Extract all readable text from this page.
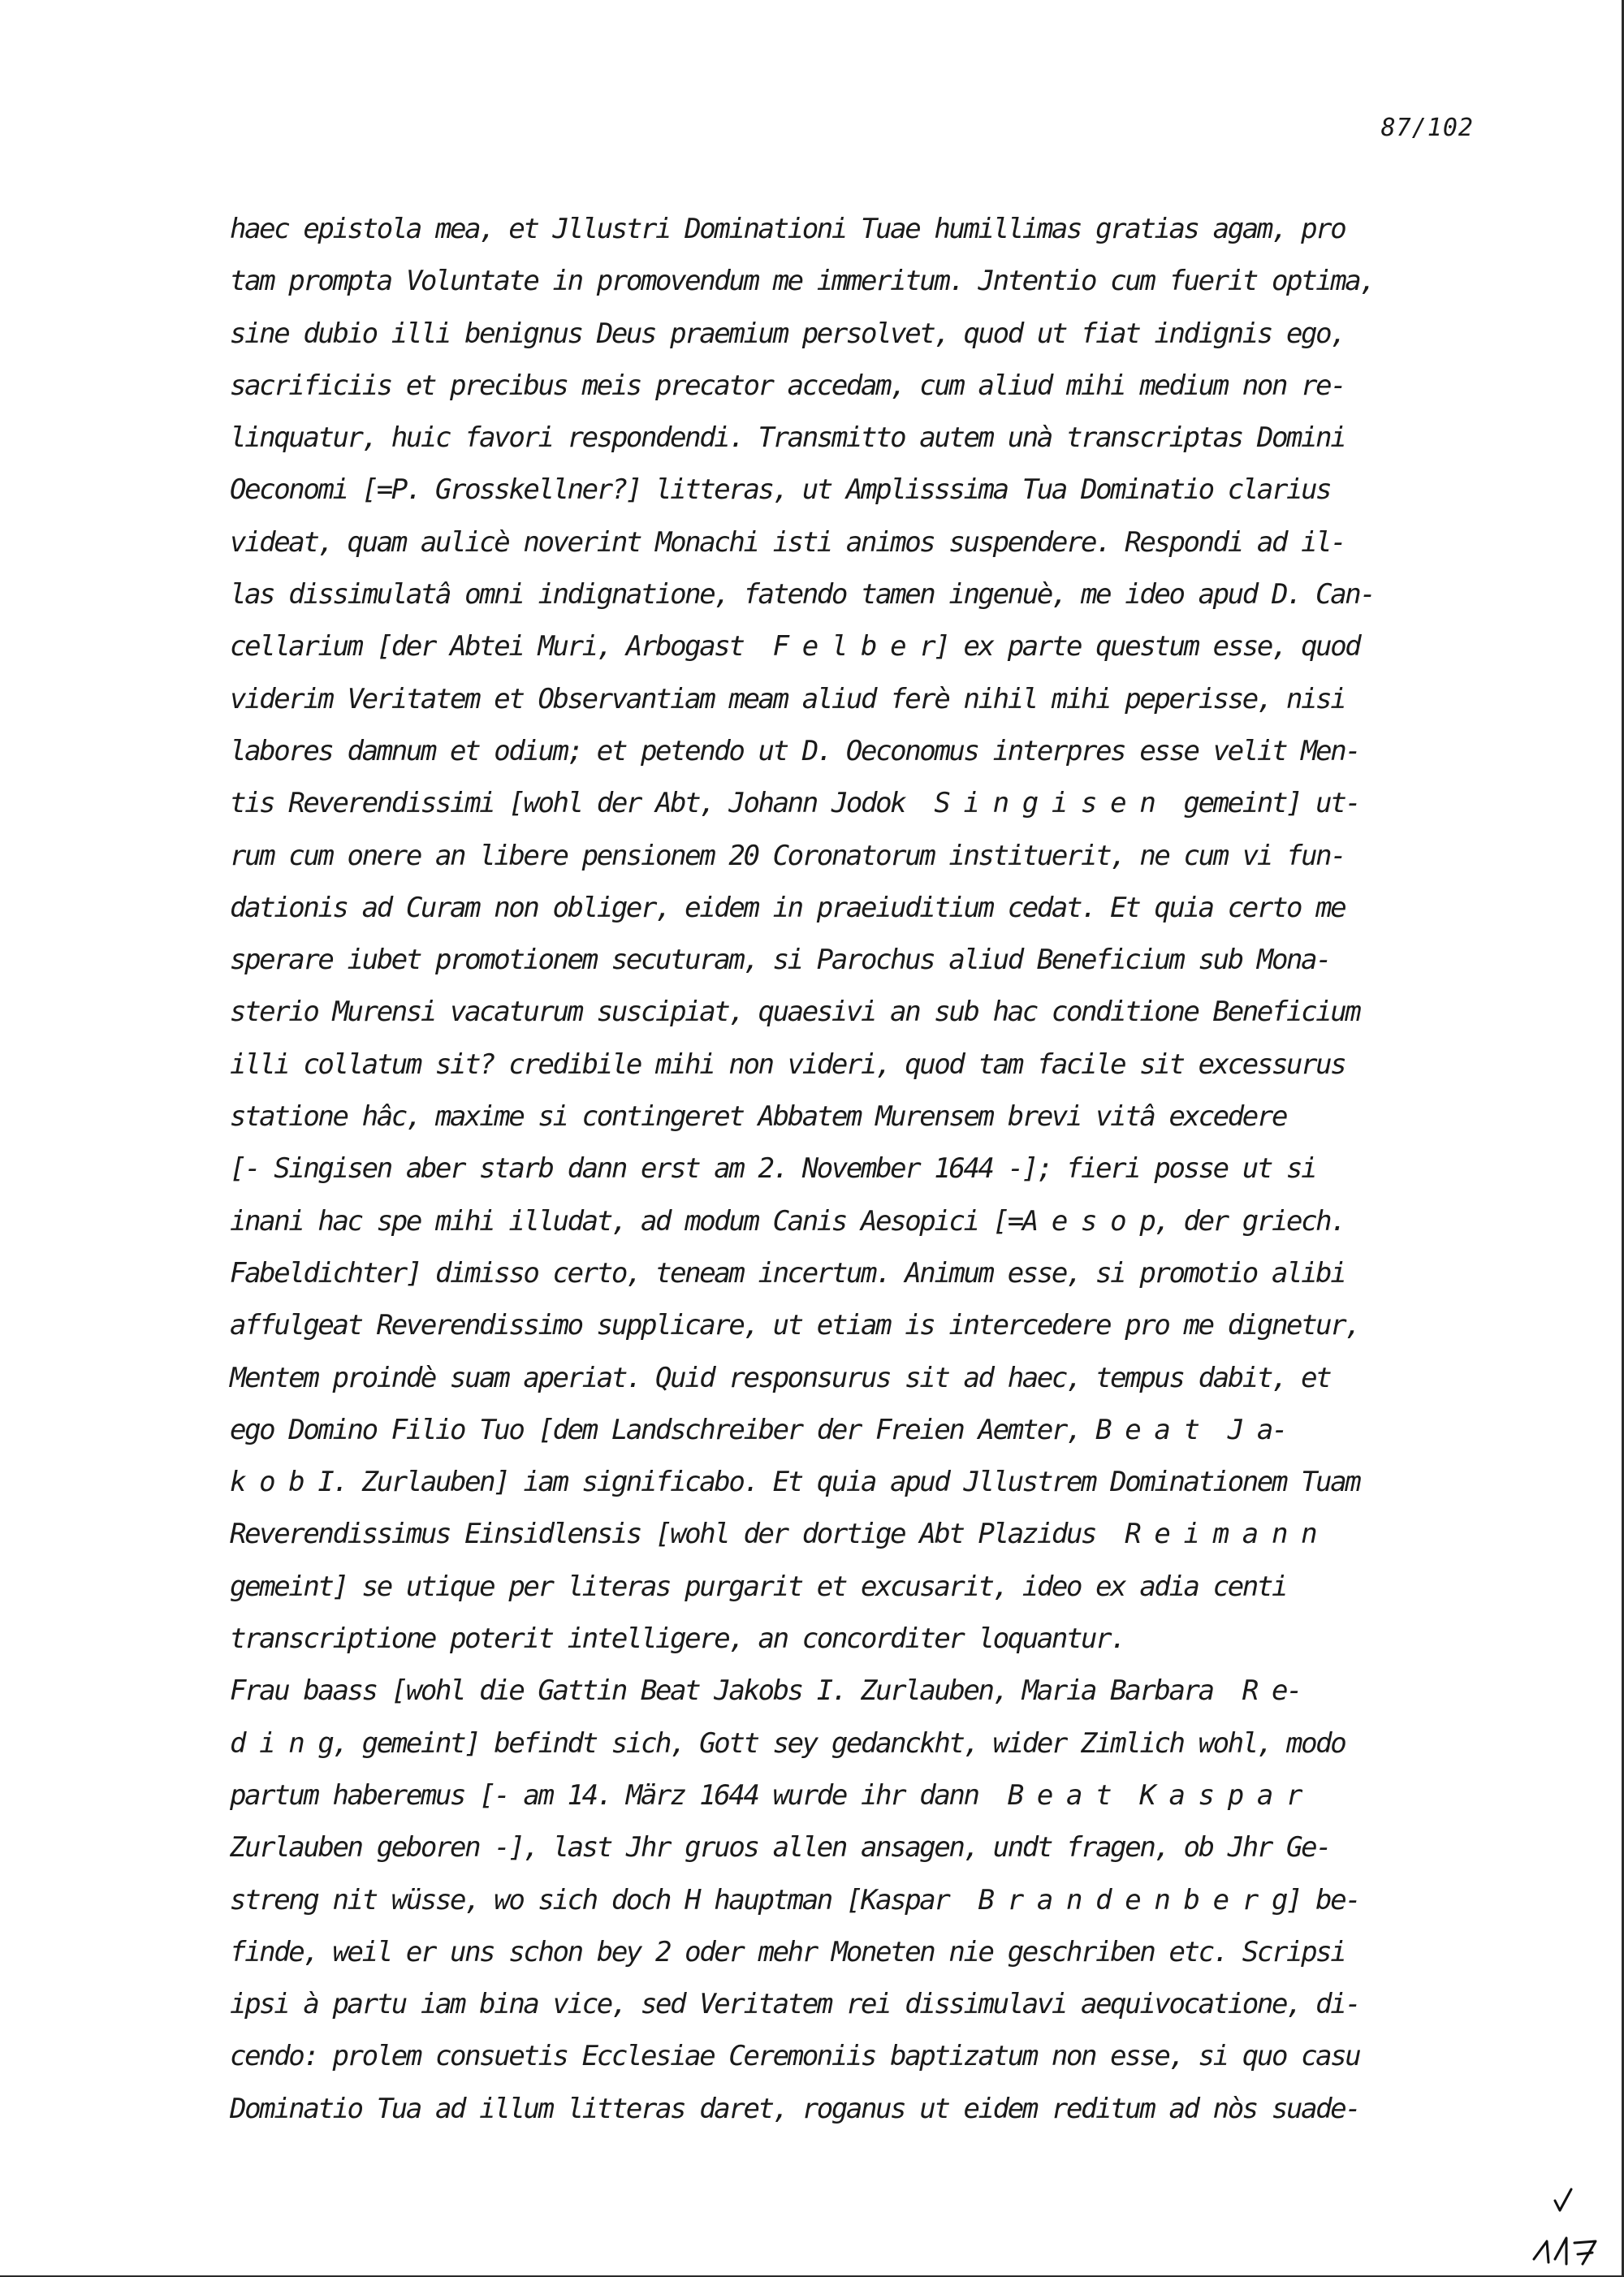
87/102
haec epistola mea, et Jllustri Dominationi Tuae humillimas gratias agam, pro
tam prompta Voluntate in promovendum me immeritum. Jntentio cum fuerit optima,
sine dubio illi benignus Deus praemium persolvet, quod ut fiat indignis ego,
sacrificiis et precibus meis precator accedam, cum aliud mihi medium non re-
linquatur, huic favori respondendi. Transmitto autem unà transcriptas Domini
Oeconomi [=P. Grosskellner?] litteras, ut Amplisssima Tua Dominatio clarius
videat, quam aulicè noverint Monachi isti animos suspendere. Respondi ad il-
las dissimulatâ omni indignatione, fatendo tamen ingenuè, me ideo apud D. Can-
cellarium [der Abtei Muri, Arbogast  F e l b e r] ex parte questum esse, quod
viderim Veritatem et Observantiam meam aliud ferè nihil mihi peperisse, nisi
labores damnum et odium; et petendo ut D. Oeconomus interpres esse velit Men-
tis Reverendissimi [wohl der Abt, Johann Jodok  S i n g i s e n  gemeint] ut-
rum cum onere an libere pensionem 20 Coronatorum instituerit, ne cum vi fun-
dationis ad Curam non obliger, eidem in praeiuditium cedat. Et quia certo me
sperare iubet promotionem secuturam, si Parochus aliud Beneficium sub Mona-
sterio Murensi vacaturum suscipiat, quaesivi an sub hac conditione Beneficium
illi collatum sit? credibile mihi non videri, quod tam facile sit excessurus
statione hâc, maxime si contingeret Abbatem Murensem brevi vitâ excedere
[- Singisen aber starb dann erst am 2. November 1644 -]; fieri posse ut si
inani hac spe mihi illudat, ad modum Canis Aesopici [=A e s o p, der griech.
Fabeldichter] dimisso certo, teneam incertum. Animum esse, si promotio alibi
affulgeat Reverendissimo supplicare, ut etiam is intercedere pro me dignetur,
Mentem proindè suam aperiat. Quid responsurus sit ad haec, tempus dabit, et
ego Domino Filio Tuo [dem Landschreiber der Freien Aemter, B e a t  J a-
k o b I. Zurlauben] iam significabo. Et quia apud Jllustrem Dominationem Tuam
Reverendissimus Einsidlensis [wohl der dortige Abt Plazidus  R e i m a n n
gemeint] se utique per literas purgarit et excusarit, ideo ex adia centi
transcriptione poterit intelligere, an concorditer loquantur.
Frau baass [wohl die Gattin Beat Jakobs I. Zurlauben, Maria Barbara  R e-
d i n g, gemeint] befindt sich, Gott sey gedanckht, wider Zimlich wohl, modo
partum haberemus [- am 14. März 1644 wurde ihr dann  B e a t  K a s p a r
Zurlauben geboren -], last Jhr gruos allen ansagen, undt fragen, ob Jhr Ge-
streng nit wüsse, wo sich doch H hauptman [Kaspar  B r a n d e n b e r g] be-
finde, weil er uns schon bey 2 oder mehr Moneten nie geschriben etc. Scripsi
ipsi à partu iam bina vice, sed Veritatem rei dissimulavi aequivocatione, di-
cendo: prolem consuetis Ecclesiae Ceremoniis baptizatum non esse, si quo casu
Dominatio Tua ad illum litteras daret, roganus ut eidem reditum ad nòs suade-
